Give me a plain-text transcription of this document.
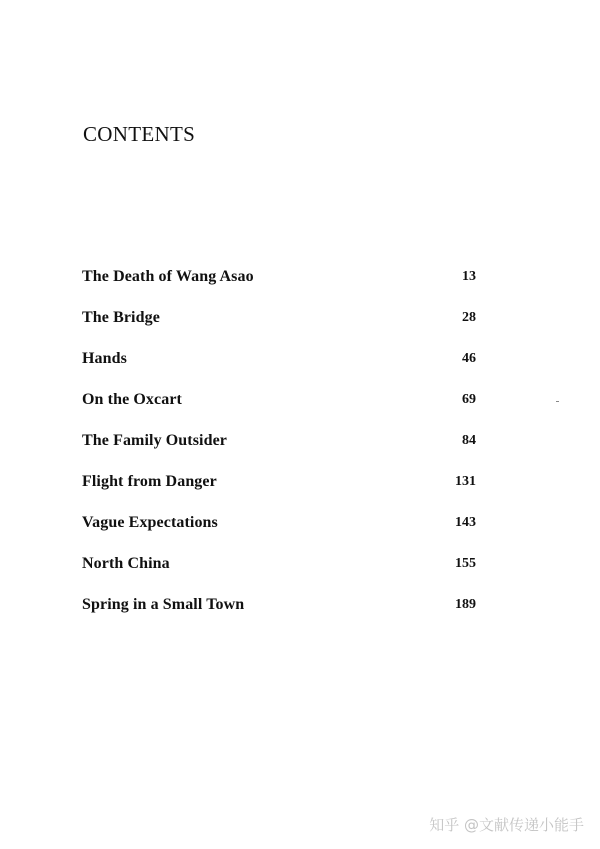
CONTENTS
The Death of Wang Asao	13
The Bridge	28
Hands	46
On the Oxcart	69
The Family Outsider	84
Flight from Danger	131
Vague Expectations	143
North China	155
Spring in a Small Town	189
知乎 @文献传递小能手
